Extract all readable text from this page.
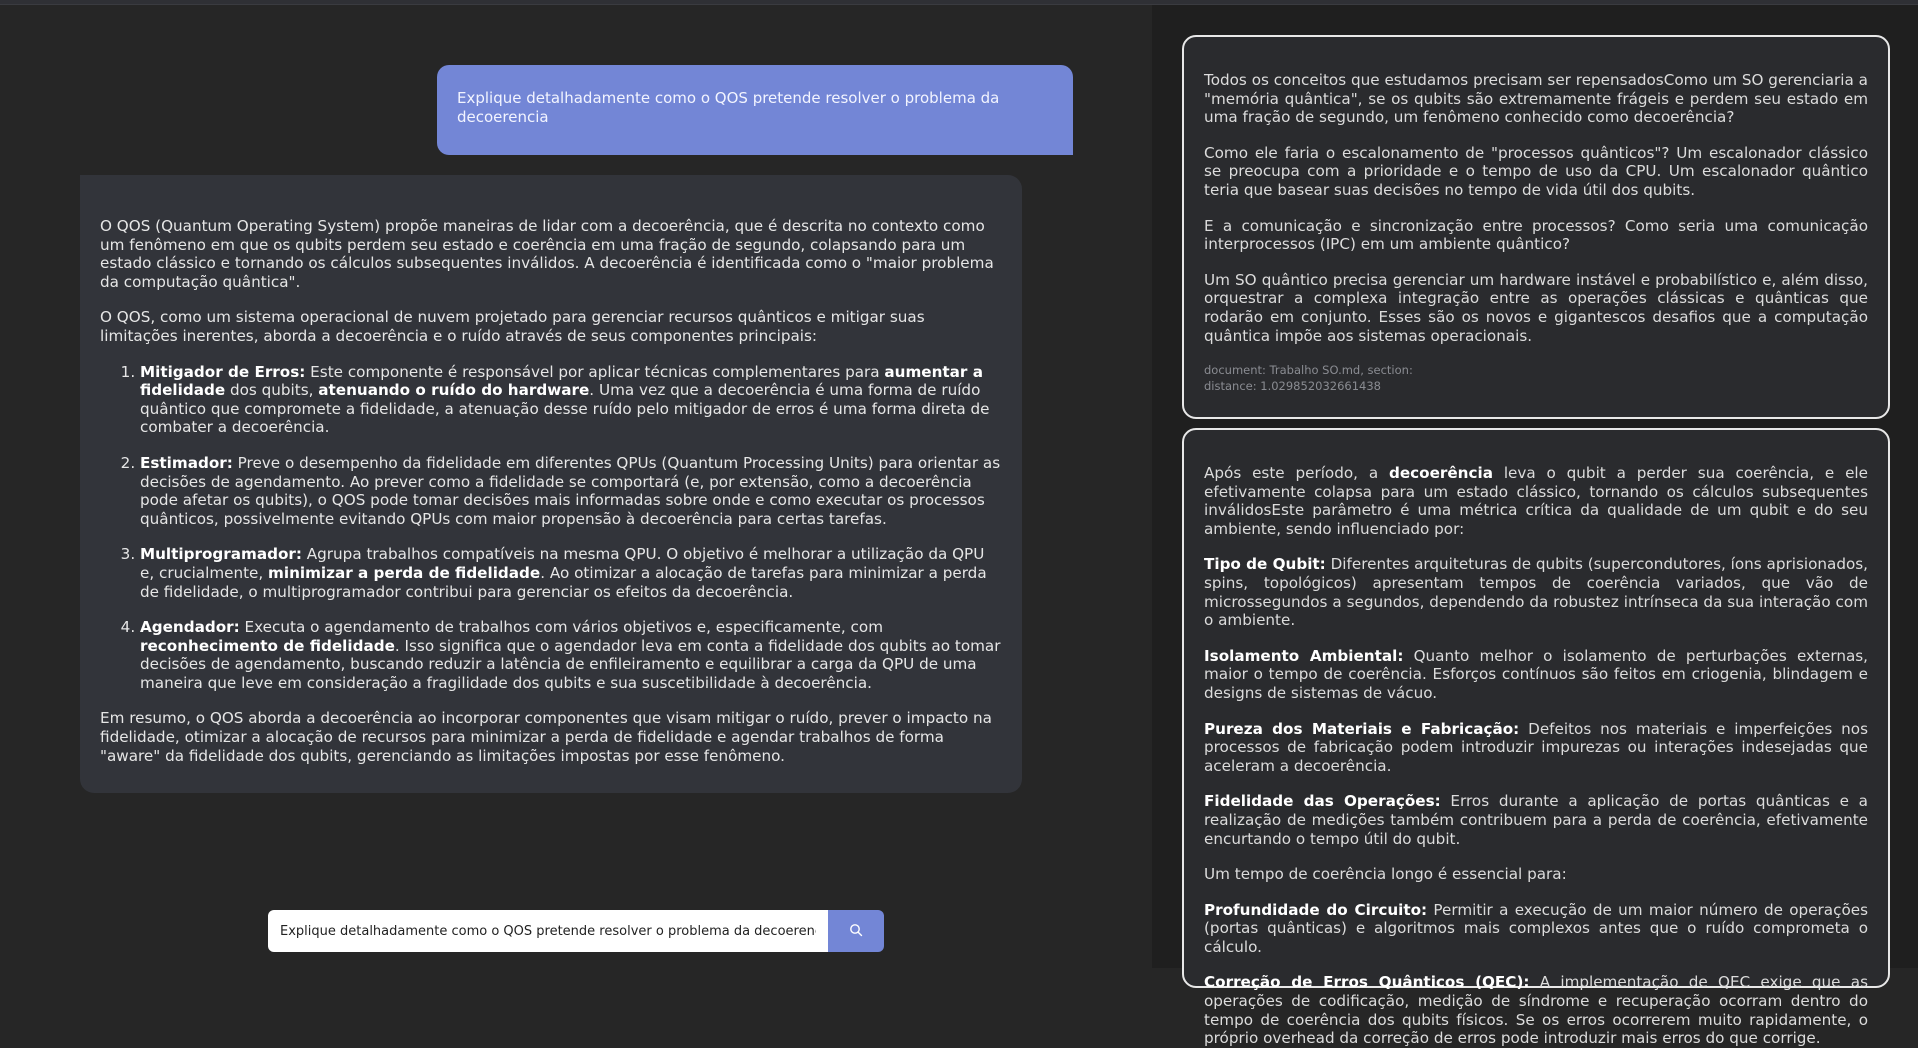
Explique detalhadamente como o QOS pretende resolver o problema da decoerencia

O QOS (Quantum Operating System) propõe maneiras de lidar com a decoerência, que é descrita no contexto como um fenômeno em que os qubits perdem seu estado e coerência em uma fração de segundo, colapsando para um estado clássico e tornando os cálculos subsequentes inválidos. A decoerência é identificada como o "maior problema da computação quântica".

O QOS, como um sistema operacional de nuvem projetado para gerenciar recursos quânticos e mitigar suas limitações inerentes, aborda a decoerência e o ruído através de seus componentes principais:

1. Mitigador de Erros: Este componente é responsável por aplicar técnicas complementares para aumentar a fidelidade dos qubits, atenuando o ruído do hardware. Uma vez que a decoerência é uma forma de ruído quântico que compromete a fidelidade, a atenuação desse ruído pelo mitigador de erros é uma forma direta de combater a decoerência.
2. Estimador: Preve o desempenho da fidelidade em diferentes QPUs (Quantum Processing Units) para orientar as decisões de agendamento. Ao prever como a fidelidade se comportará (e, por extensão, como a decoerência pode afetar os qubits), o QOS pode tomar decisões mais informadas sobre onde e como executar os processos quânticos, possivelmente evitando QPUs com maior propensão à decoerência para certas tarefas.
3. Multiprogramador: Agrupa trabalhos compatíveis na mesma QPU. O objetivo é melhorar a utilização da QPU e, crucialmente, minimizar a perda de fidelidade. Ao otimizar a alocação de tarefas para minimizar a perda de fidelidade, o multiprogramador contribui para gerenciar os efeitos da decoerência.
4. Agendador: Executa o agendamento de trabalhos com vários objetivos e, especificamente, com reconhecimento de fidelidade. Isso significa que o agendador leva em conta a fidelidade dos qubits ao tomar decisões de agendamento, buscando reduzir a latência de enfileiramento e equilibrar a carga da QPU de uma maneira que leve em consideração a fragilidade dos qubits e sua suscetibilidade à decoerência.

Em resumo, o QOS aborda a decoerência ao incorporar componentes que visam mitigar o ruído, prever o impacto na fidelidade, otimizar a alocação de recursos para minimizar a perda de fidelidade e agendar trabalhos de forma "aware" da fidelidade dos qubits, gerenciando as limitações impostas por esse fenômeno.

Explique detalhadamente como o QOS pretende resolver o problema da decoerencia

Todos os conceitos que estudamos precisam ser repensadosComo um SO gerenciaria a "memória quântica", se os qubits são extremamente frágeis e perdem seu estado em uma fração de segundo, um fenômeno conhecido como decoerência?

Como ele faria o escalonamento de "processos quânticos"? Um escalonador clássico se preocupa com a prioridade e o tempo de uso da CPU. Um escalonador quântico teria que basear suas decisões no tempo de vida útil dos qubits.

E a comunicação e sincronização entre processos? Como seria uma comunicação interprocessos (IPC) em um ambiente quântico?

Um SO quântico precisa gerenciar um hardware instável e probabilístico e, além disso, orquestrar a complexa integração entre as operações clássicas e quânticas que rodarão em conjunto. Esses são os novos e gigantescos desafios que a computação quântica impõe aos sistemas operacionais.

document: Trabalho SO.md, section:
distance: 1.029852032661438

Após este período, a decoerência leva o qubit a perder sua coerência, e ele efetivamente colapsa para um estado clássico, tornando os cálculos subsequentes inválidosEste parâmetro é uma métrica crítica da qualidade de um qubit e do seu ambiente, sendo influenciado por:

Tipo de Qubit: Diferentes arquiteturas de qubits (supercondutores, íons aprisionados, spins, topológicos) apresentam tempos de coerência variados, que vão de microssegundos a segundos, dependendo da robustez intrínseca da sua interação com o ambiente.

Isolamento Ambiental: Quanto melhor o isolamento de perturbações externas, maior o tempo de coerência. Esforços contínuos são feitos em criogenia, blindagem e designs de sistemas de vácuo.

Pureza dos Materiais e Fabricação: Defeitos nos materiais e imperfeições nos processos de fabricação podem introduzir impurezas ou interações indesejadas que aceleram a decoerência.

Fidelidade das Operações: Erros durante a aplicação de portas quânticas e a realização de medições também contribuem para a perda de coerência, efetivamente encurtando o tempo útil do qubit.

Um tempo de coerência longo é essencial para:

Profundidade do Circuito: Permitir a execução de um maior número de operações (portas quânticas) e algoritmos mais complexos antes que o ruído comprometa o cálculo.

Correção de Erros Quânticos (QEC): A implementação de QEC exige que as operações de codificação, medição de síndrome e recuperação ocorram dentro do tempo de coerência dos qubits físicos. Se os erros ocorrerem muito rapidamente, o próprio overhead da correção de erros pode introduzir mais erros do que corrige.
